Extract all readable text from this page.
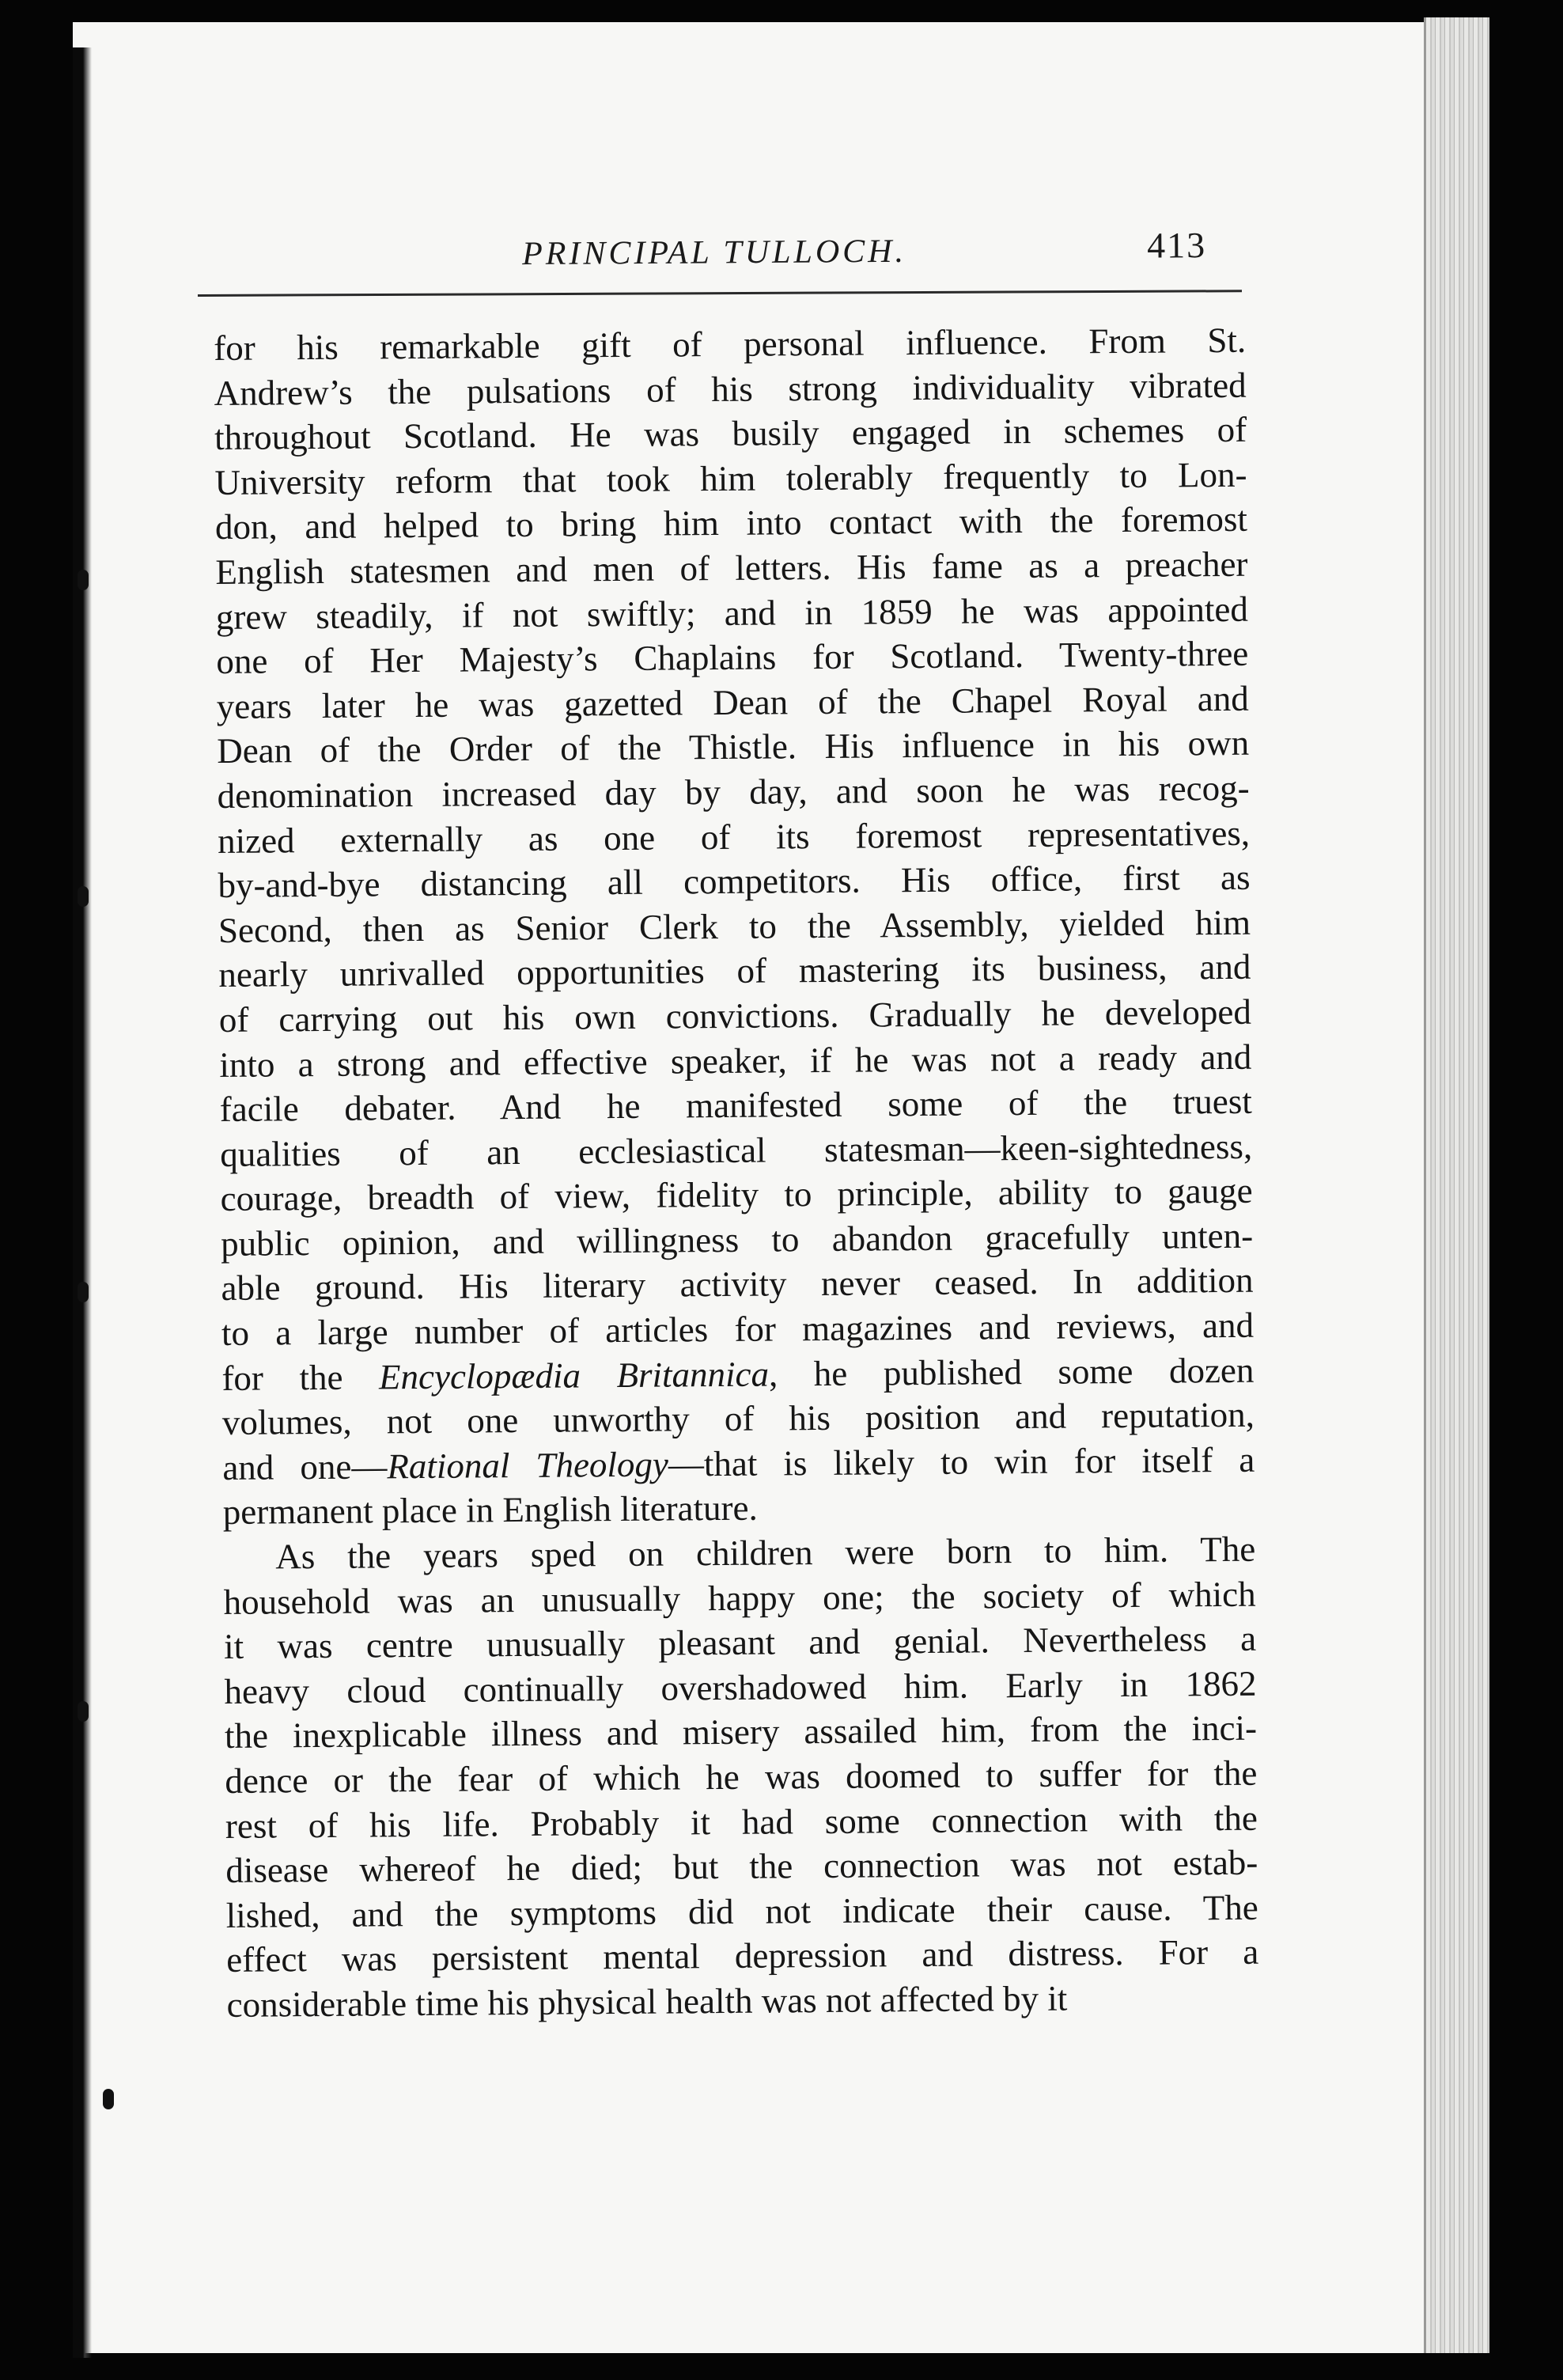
PRINCIPAL TULLOCH.	413
for his remarkable gift of personal influence. From St.
Andrew’s the pulsations of his strong individuality vibrated
throughout Scotland. He was busily engaged in schemes of
University reform that took him tolerably frequently to Lon-
don, and helped to bring him into contact with the foremost
English statesmen and men of letters. His fame as a preacher
grew steadily, if not swiftly; and in 1859 he was appointed
one of Her Majesty’s Chaplains for Scotland. Twenty-three
years later he was gazetted Dean of the Chapel Royal and
Dean of the Order of the Thistle. His influence in his own
denomination increased day by day, and soon he was recog-
nized externally as one of its foremost representatives,
by-and-bye distancing all competitors. His office, first as
Second, then as Senior Clerk to the Assembly, yielded him
nearly unrivalled opportunities of mastering its business, and
of carrying out his own convictions. Gradually he developed
into a strong and effective speaker, if he was not a ready and
facile debater. And he manifested some of the truest
qualities of an ecclesiastical statesman—keen-sightedness,
courage, breadth of view, fidelity to principle, ability to gauge
public opinion, and willingness to abandon gracefully unten-
able ground. His literary activity never ceased. In addition
to a large number of articles for magazines and reviews, and
for the Encyclopædia Britannica, he published some dozen
volumes, not one unworthy of his position and reputation,
and one—Rational Theology—that is likely to win for itself a
permanent place in English literature.
As the years sped on children were born to him. The
household was an unusually happy one; the society of which
it was centre unusually pleasant and genial. Nevertheless a
heavy cloud continually overshadowed him. Early in 1862
the inexplicable illness and misery assailed him, from the inci-
dence or the fear of which he was doomed to suffer for the
rest of his life. Probably it had some connection with the
disease whereof he died; but the connection was not estab-
lished, and the symptoms did not indicate their cause. The
effect was persistent mental depression and distress. For a
considerable time his physical health was not affected by it
